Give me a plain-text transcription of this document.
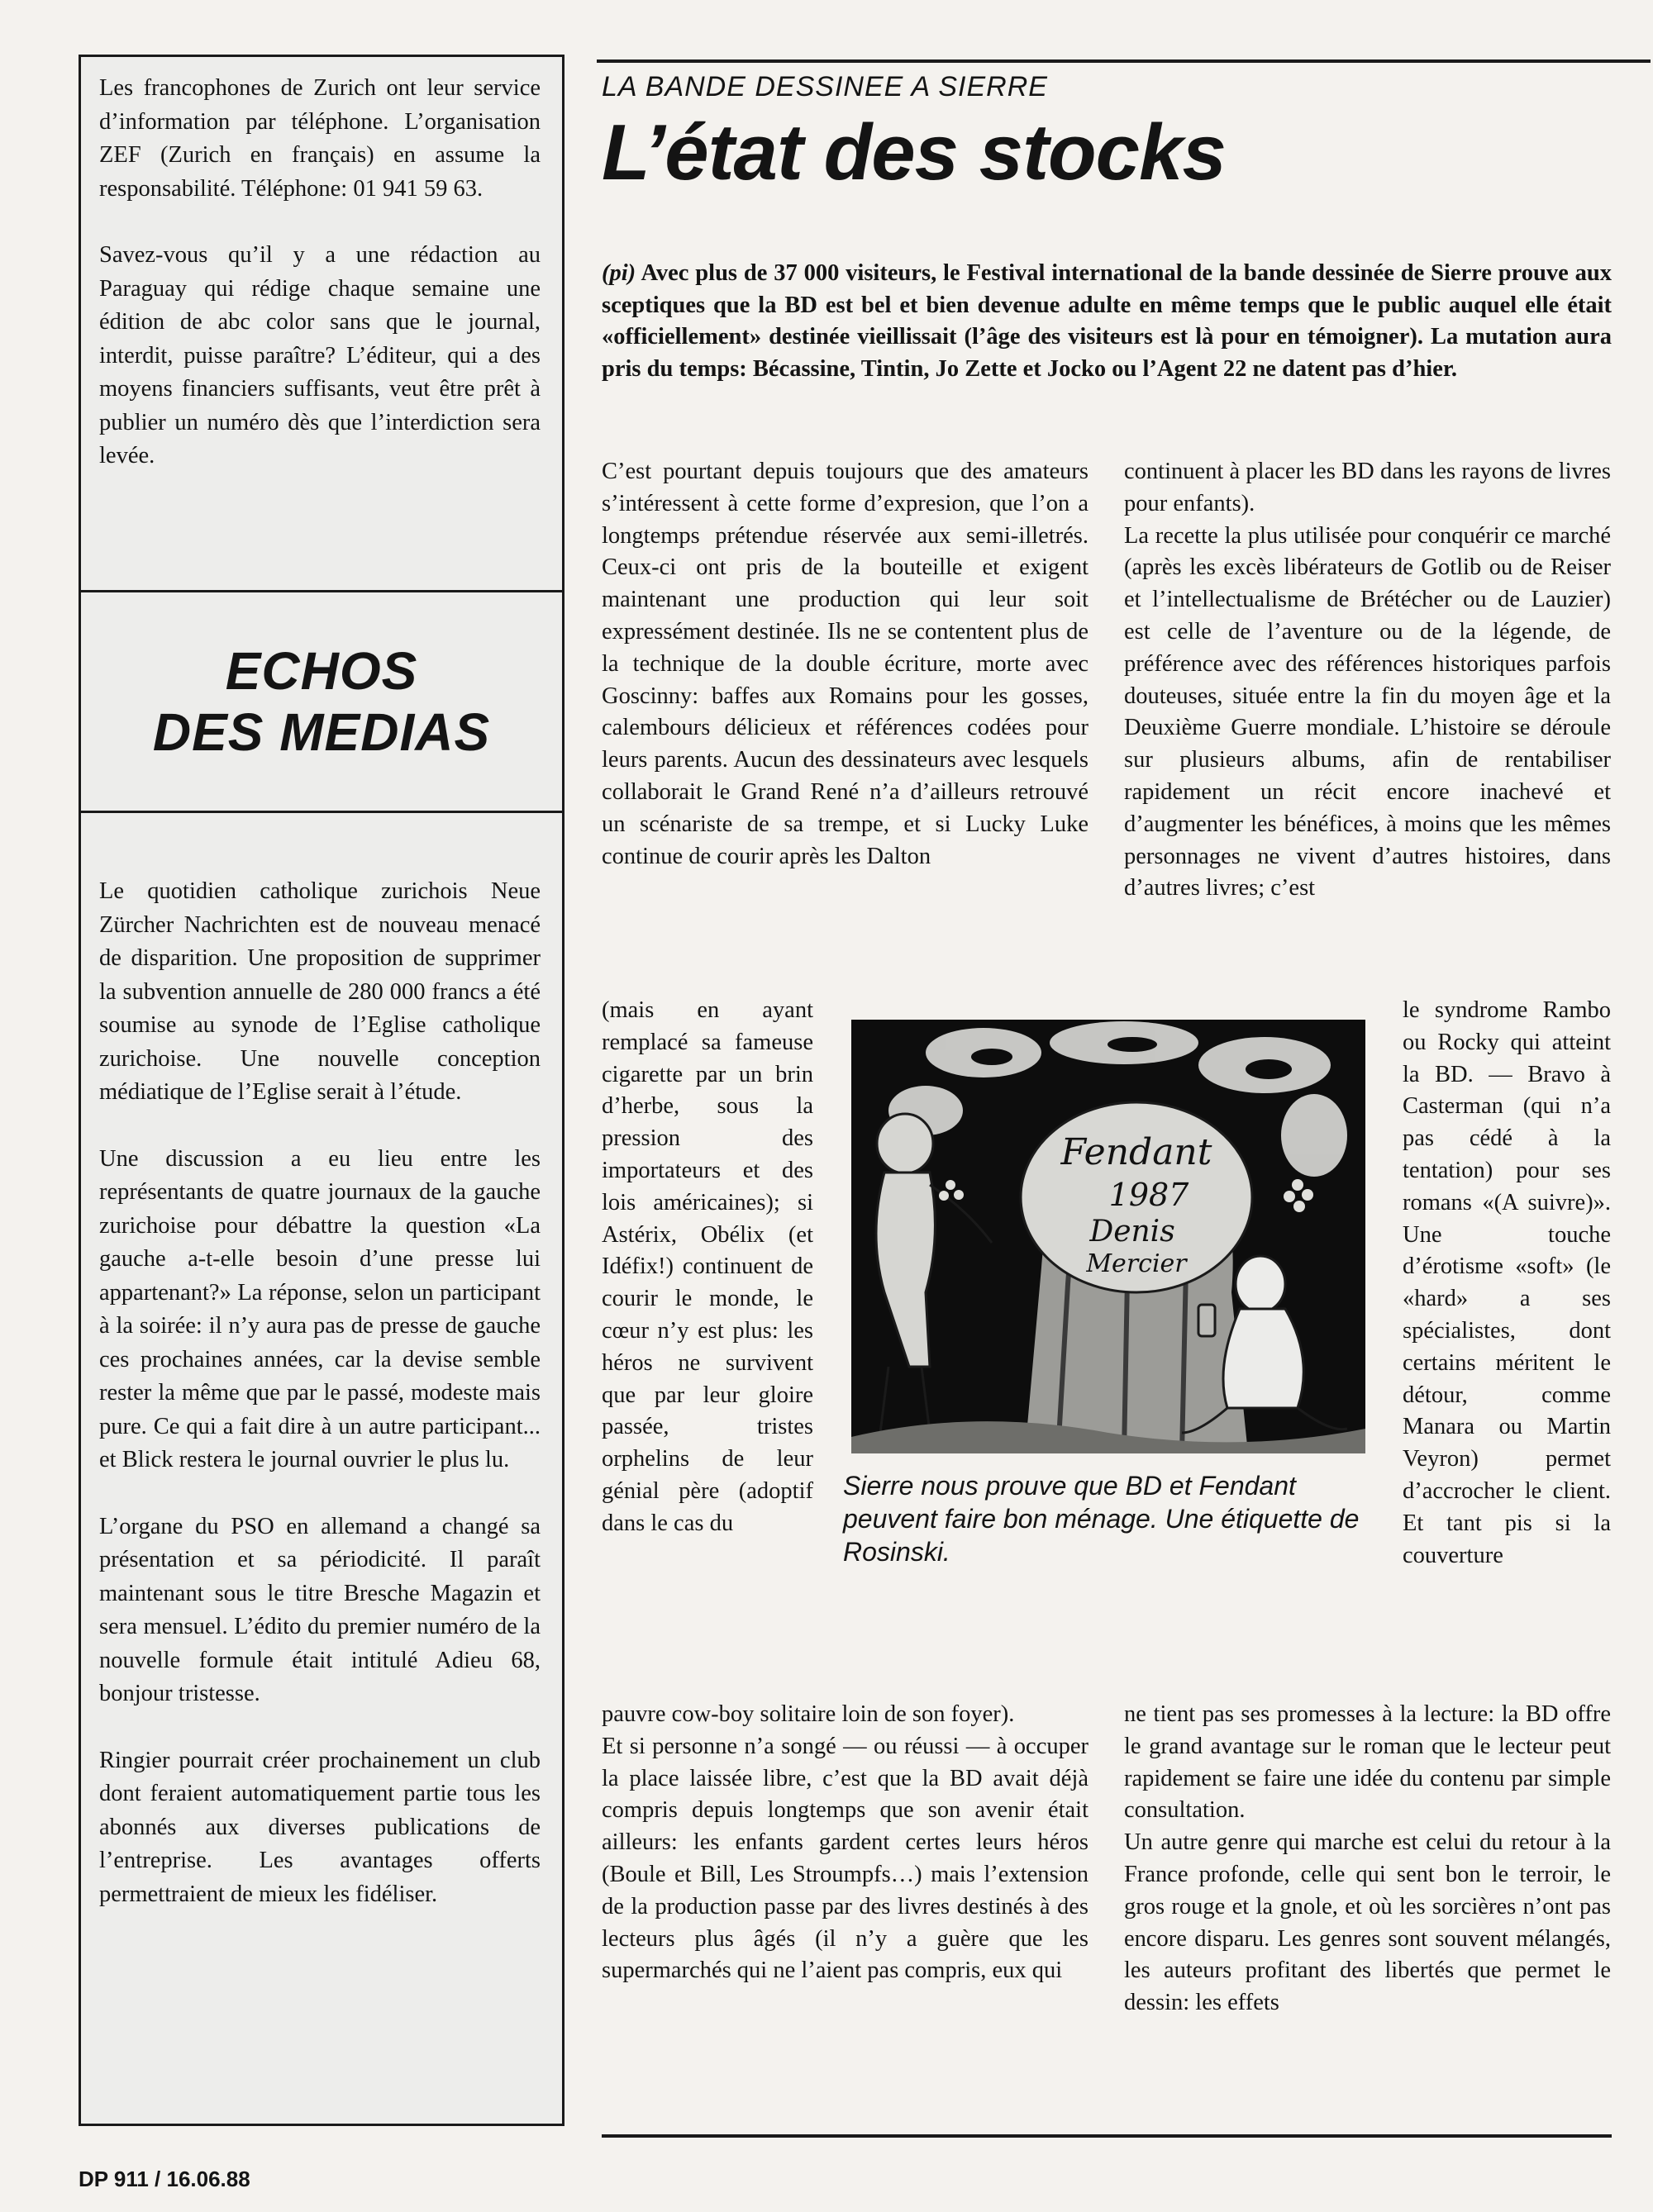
Les francophones de Zurich ont leur service d’information par téléphone. L’organisation ZEF (Zurich en français) en assume la responsabilité. Téléphone: 01 941 59 63.

Savez-vous qu’il y a une rédaction au Paraguay qui rédige chaque semaine une édition de abc color sans que le journal, interdit, puisse paraître? L’éditeur, qui a des moyens financiers suffisants, veut être prêt à publier un numéro dès que l’interdiction sera levée.

ECHOS
DES MEDIAS

Le quotidien catholique zurichois Neue Zürcher Nachrichten est de nouveau menacé de disparition. Une proposition de supprimer la subvention annuelle de 280 000 francs a été soumise au synode de l’Eglise catholique zurichoise. Une nouvelle conception médiatique de l’Eglise serait à l’étude.

Une discussion a eu lieu entre les représentants de quatre journaux de la gauche zurichoise pour débattre la question «La gauche a-t-elle besoin d’une presse lui appartenant?» La réponse, selon un participant à la soirée: il n’y aura pas de presse de gauche ces prochaines années, car la devise semble rester la même que par le passé, modeste mais pure. Ce qui a fait dire à un autre participant... et Blick restera le journal ouvrier le plus lu.

L’organe du PSO en allemand a changé sa présentation et sa périodicité. Il paraît maintenant sous le titre Bresche Magazin et sera mensuel. L’édito du premier numéro de la nouvelle formule était intitulé Adieu 68, bonjour tristesse.

Ringier pourrait créer prochainement un club dont feraient automatiquement partie tous les abonnés aux diverses publications de l’entreprise. Les avantages offerts permettraient de mieux les fidéliser.

LA BANDE DESSINEE A SIERRE

L’état des stocks

(pi) Avec plus de 37 000 visiteurs, le Festival international de la bande dessinée de Sierre prouve aux sceptiques que la BD est bel et bien devenue adulte en même temps que le public auquel elle était «officiellement» destinée vieillissait (l’âge des visiteurs est là pour en témoigner). La mutation aura pris du temps: Bécassine, Tintin, Jo Zette et Jocko ou l’Agent 22 ne datent pas d’hier.

C’est pourtant depuis toujours que des amateurs s’intéressent à cette forme d’expresion, que l’on a longtemps prétendue réservée aux semi-illetrés. Ceux-ci ont pris de la bouteille et exigent maintenant une production qui leur soit expressément destinée. Ils ne se contentent plus de la technique de la double écriture, morte avec Goscinny: baffes aux Romains pour les gosses, calembours délicieux et références codées pour leurs parents. Aucun des dessinateurs avec lesquels collaborait le Grand René n’a d’ailleurs retrouvé un scénariste de sa trempe, et si Lucky Luke continue de courir après les Dalton

(mais en ayant remplacé sa fameuse cigarette par un brin d’herbe, sous la pression des importateurs et des lois américaines); si Astérix, Obélix (et Idéfix!) continuent de courir le monde, le cœur n’y est plus: les héros ne survivent que par leur gloire passée, tristes orphelins de leur génial père (adoptif dans le cas du

pauvre cow-boy solitaire loin de son foyer).

Et si personne n’a songé — ou réussi — à occuper la place laissée libre, c’est que la BD avait déjà compris depuis longtemps que son avenir était ailleurs: les enfants gardent certes leurs héros (Boule et Bill, Les Stroumpfs…) mais l’extension de la production passe par des livres destinés à des lecteurs plus âgés (il n’y a guère que les supermarchés qui ne l’aient pas compris, eux qui

continuent à placer les BD dans les rayons de livres pour enfants).

La recette la plus utilisée pour conquérir ce marché (après les excès libérateurs de Gotlib ou de Reiser et l’intellectualisme de Brétécher ou de Lauzier) est celle de l’aventure ou de la légende, de préférence avec des références historiques parfois douteuses, située entre la fin du moyen âge et la Deuxième Guerre mondiale. L’histoire se déroule sur plusieurs albums, afin de rentabiliser rapidement un récit encore inachevé et d’augmenter les bénéfices, à moins que les mêmes personnages ne vivent d’autres histoires, dans d’autres livres; c’est

le syndrome Rambo ou Rocky qui atteint la BD. — Bravo à Casterman (qui n’a pas cédé à la tentation) pour ses romans «(A suivre)». Une touche d’érotisme «soft» (le «hard» a ses spécialistes, dont certains méritent le détour, comme Manara ou Martin Veyron) permet d’accrocher le client. Et tant pis si la couverture

ne tient pas ses promesses à la lecture: la BD offre le grand avantage sur le roman que le lecteur peut rapidement se faire une idée du contenu par simple consultation.

Un autre genre qui marche est celui du retour à la France profonde, celle qui sent bon le terroir, le gros rouge et la gnole, et où les sorcières n’ont pas encore disparu. Les genres sont souvent mélangés, les auteurs profitant des libertés que permet le dessin: les effets

Fendant
1987
Denis
Mercier

Sierre nous prouve que BD et Fendant peuvent faire bon ménage. Une étiquette de Rosinski.

DP 911 / 16.06.88
